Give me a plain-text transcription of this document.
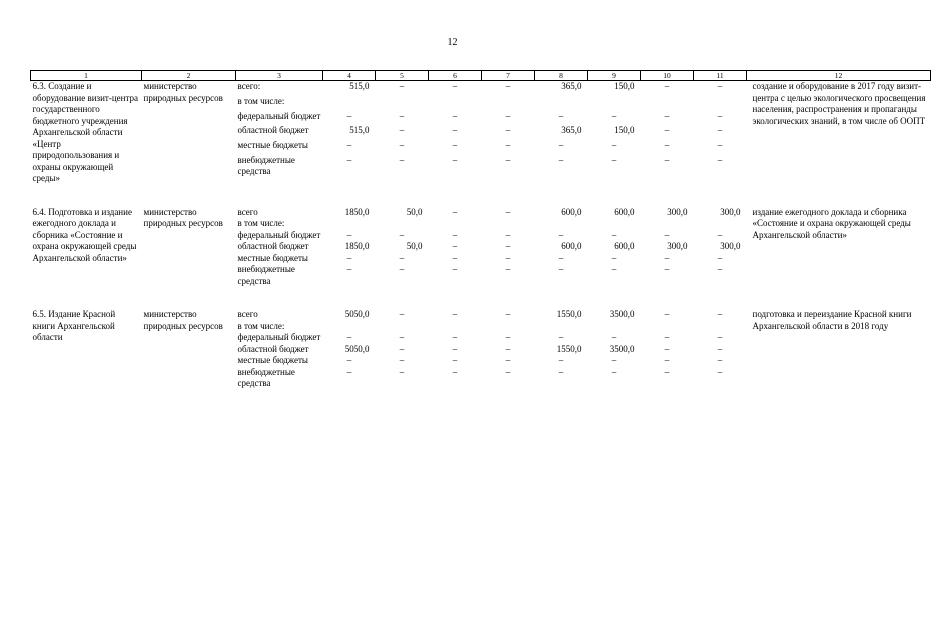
12
1	2	3	4	5	6	7	8	9	10	11	12
6.3. Создание и оборудование визит-центра государственного бюджетного учреждения Архангельской области «Центр природопользования и охраны окружающей среды»	министерство природных ресурсов	всего:	515,0	–	–	–	365,0	150,0	–	–	создание и оборудование в 2017 году визит-центра с целью экологического просвещения населения, распространения и пропаганды экологических знаний, в том числе об ООПТ
		в том числе:									
		федеральный бюджет	–	–	–	–	–	–	–	–	
		областной бюджет	515,0	–	–	–	365,0	150,0	–	–	
		местные бюджеты	–	–	–	–	–	–	–	–	
		внебюджетные средства	–	–	–	–	–	–	–	–	

6.4. Подготовка и издание ежегодного доклада и сборника «Состояние и охрана окружающей среды Архангельской области»	министерство природных ресурсов	всего	1850,0	50,0	–	–	600,0	600,0	300,0	300,0	издание ежегодного доклада и сборника «Состояние и охрана окружающей среды Архангельской области»
		в том числе:									
		федеральный бюджет	–	–	–	–	–	–	–	–	
		областной бюджет	1850,0	50,0	–	–	600,0	600,0	300,0	300,0	
		местные бюджеты	–	–	–	–	–	–	–	–	
		внебюджетные средства	–	–	–	–	–	–	–	–	

6.5. Издание Красной книги Архангельской области	министерство природных ресурсов	всего	5050,0	–	–	–	1550,0	3500,0	–	–	подготовка и переиздание Красной книги Архангельской области в 2018 году
		в том числе:									
		федеральный бюджет	–	–	–	–	–	–	–	–	
		областной бюджет	5050,0	–	–	–	1550,0	3500,0	–	–	
		местные бюджеты	–	–	–	–	–	–	–	–	
		внебюджетные средства	–	–	–	–	–	–	–	–	
